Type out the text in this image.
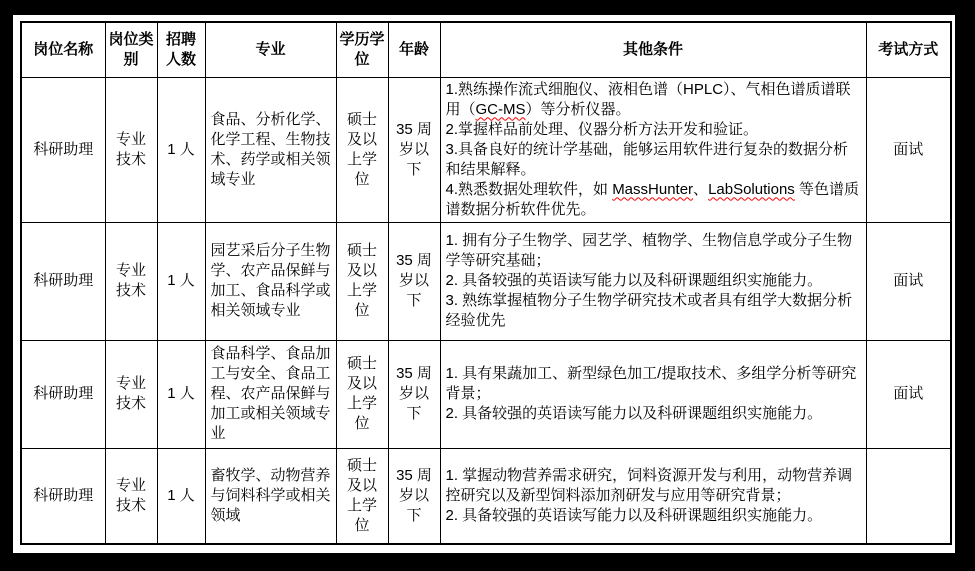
岗位名称	岗位类别	招聘人数	专业	学历学位	年龄	其他条件	考试方式
科研助理	专业技术	1 人	食品、分析化学、化学工程、生物技术、药学或相关领域专业	硕士及以上学位	35 周岁以下	1.熟练操作流式细胞仪、液相色谱（HPLC）、气相色谱质谱联用（GC-MS）等分析仪器。
2.掌握样品前处理、仪器分析方法开发和验证。
3.具备良好的统计学基础，能够运用软件进行复杂的数据分析和结果解释。
4.熟悉数据处理软件，如 MassHunter、LabSolutions 等色谱质谱数据分析软件优先。	面试
科研助理	专业技术	1 人	园艺采后分子生物学、农产品保鲜与加工、食品科学或相关领域专业	硕士及以上学位	35 周岁以下	1. 拥有分子生物学、园艺学、植物学、生物信息学或分子生物学等研究基础；
2. 具备较强的英语读写能力以及科研课题组织实施能力。
3. 熟练掌握植物分子生物学研究技术或者具有组学大数据分析经验优先	面试
科研助理	专业技术	1 人	食品科学、食品加工与安全、食品工程、农产品保鲜与加工或相关领域专业	硕士及以上学位	35 周岁以下	1. 具有果蔬加工、新型绿色加工/提取技术、多组学分析等研究背景；
2. 具备较强的英语读写能力以及科研课题组织实施能力。	面试
科研助理	专业技术	1 人	畜牧学、动物营养与饲料科学或相关领域	硕士及以上学位	35 周岁以下	1. 掌握动物营养需求研究，饲料资源开发与利用，动物营养调控研究以及新型饲料添加剂研发与应用等研究背景；
2. 具备较强的英语读写能力以及科研课题组织实施能力。	
